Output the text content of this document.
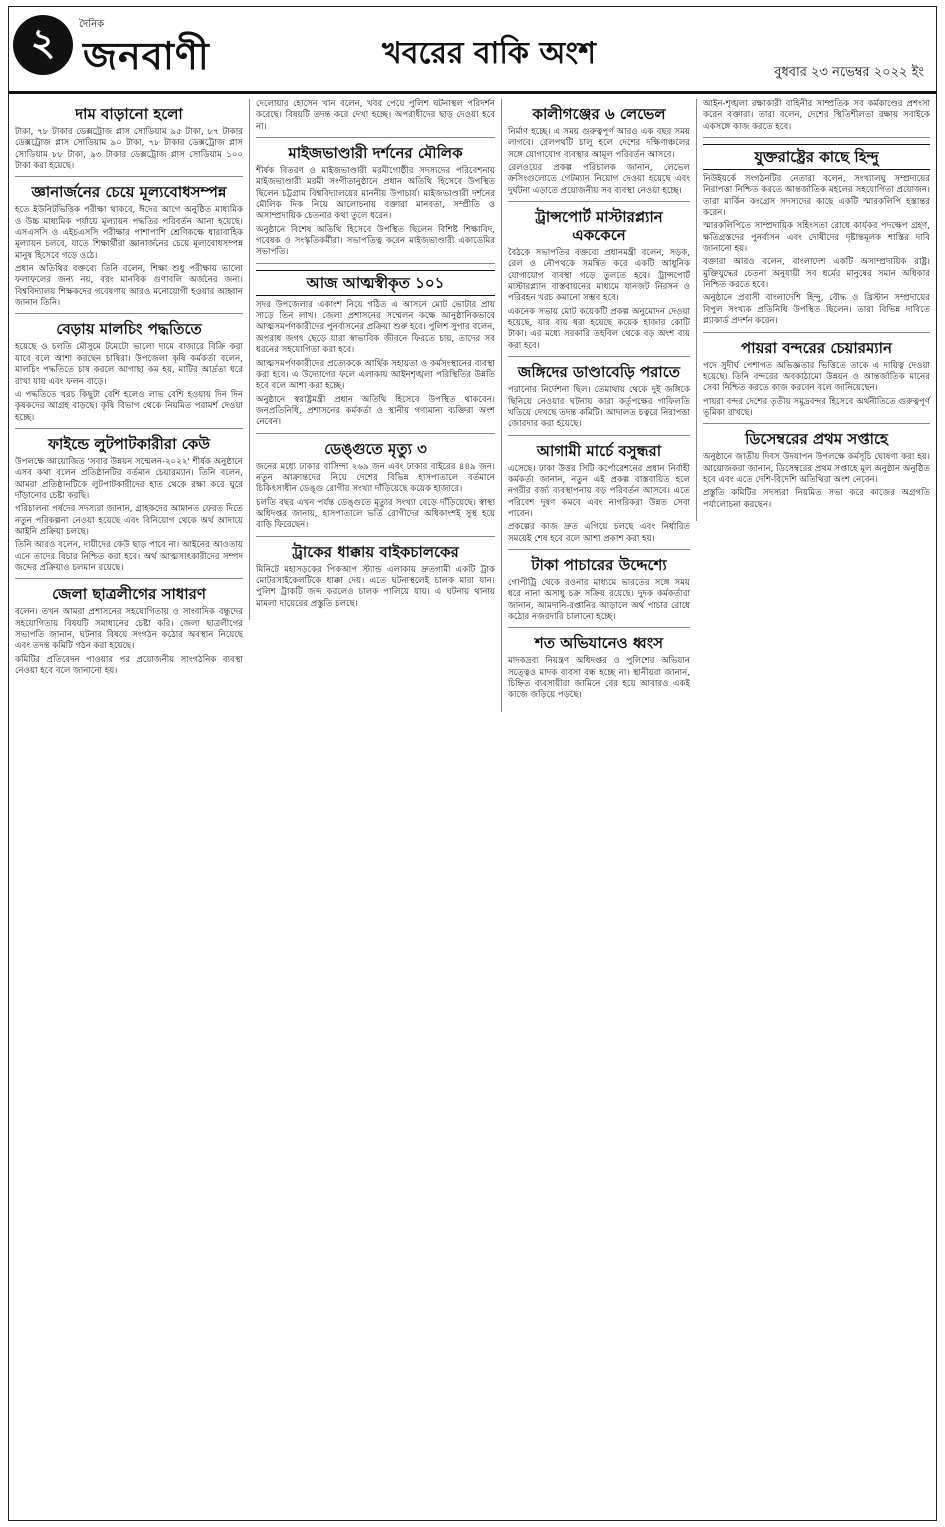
২	দৈনিক
জনবাণী	খবরের বাকি অংশ
বুধবার ২৩ নভেম্বর ২০২২ ইং
দাম বাড়ানো হলো

টাকা, ৭৮ টাকার ডেক্সট্রোজ প্লাস সোডিয়াম ৯৫ টাকা, ৮৭ টাকার ডেক্সট্রোজ প্লাস সোডিয়াম ৯০ টাকা, ৭৮ টাকার ডেক্সট্রোজ প্লাস সোডিয়াম ৮৮ টাকা, ৯৩ টাকার ডেক্সট্রোজ প্লাস সোডিয়াম ১০০ টাকা করা হয়েছে।

জ্ঞানার্জনের চেয়ে মূল্যবোধসম্পন্ন

হতে ইউনিটভিত্তিক পরীক্ষা থাকবে, ঈদের আগে অনুষ্ঠিত মাধ্যমিক ও উচ্চ মাধ্যমিক পর্যায়ে মূল্যায়ন পদ্ধতির পরিবর্তন আনা হয়েছে। এসএসসি ও এইচএসসি পরীক্ষার পাশাপাশি শ্রেণিকক্ষে ধারাবাহিক মূল্যায়ন চলবে, যাতে শিক্ষার্থীরা জ্ঞানার্জনের চেয়ে মূল্যবোধসম্পন্ন মানুষ হিসেবে গড়ে ওঠে।

প্রধান অতিথির বক্তব্যে তিনি বলেন, শিক্ষা শুধু পরীক্ষায় ভালো ফলাফলের জন্য নয়, বরং মানবিক গুণাবলি অর্জনের জন্য। বিশ্ববিদ্যালয় শিক্ষকদের গবেষণায় আরও মনোযোগী হওয়ার আহ্বান জানান তিনি।

বেড়ায় মালচিং পদ্ধতিতে

হয়েছে ও চলতি মৌসুমে টমেটো ভালো দামে বাজারে বিক্রি করা যাবে বলে আশা করছেন চাষিরা। উপজেলা কৃষি কর্মকর্তা বলেন, মালচিং পদ্ধতিতে চাষ করলে আগাছা কম হয়, মাটির আর্দ্রতা ধরে রাখা যায় এবং ফলন বাড়ে।

এ পদ্ধতিতে খরচ কিছুটা বেশি হলেও লাভ বেশি হওয়ায় দিন দিন কৃষকদের আগ্রহ বাড়ছে। কৃষি বিভাগ থেকে নিয়মিত পরামর্শ দেওয়া হচ্ছে।

ফাইন্ডে লুটপাটকারীরা কেউ

উপলক্ষে আয়োজিত 'সবার উন্নয়ন সম্মেলন-২০২২' শীর্ষক অনুষ্ঠানে এসব কথা বলেন প্রতিষ্ঠানটির বর্তমান চেয়ারম্যান। তিনি বলেন, আমরা প্রতিষ্ঠানটিকে লুটপাটকারীদের হাত থেকে রক্ষা করে ঘুরে দাঁড়ানোর চেষ্টা করছি।

পরিচালনা পর্ষদের সদস্যরা জানান, গ্রাহকদের আমানত ফেরত দিতে নতুন পরিকল্পনা নেওয়া হয়েছে এবং বিনিয়োগ থেকে অর্থ আদায়ে আইনি প্রক্রিয়া চলছে।

তিনি আরও বলেন, দায়ীদের কেউ ছাড় পাবে না। আইনের আওতায় এনে তাদের বিচার নিশ্চিত করা হবে। অর্থ আত্মসাৎকারীদের সম্পদ জব্দের প্রক্রিয়াও চলমান রয়েছে।

জেলা ছাত্রলীগের সাধারণ

বলেন। তখন আমরা প্রশাসনের সহযোগিতায় ও সাংবাদিক বন্ধুদের সহযোগিতায় বিষয়টি সমাধানের চেষ্টা করি। জেলা ছাত্রলীগের সভাপতি জানান, ঘটনার বিষয়ে সংগঠন কঠোর অবস্থান নিয়েছে এবং তদন্ত কমিটি গঠন করা হয়েছে।

কমিটির প্রতিবেদন পাওয়ার পর প্রয়োজনীয় সাংগঠনিক ব্যবস্থা নেওয়া হবে বলে জানানো হয়।

দেলোয়ার হোসেন খান বলেন, খবর পেয়ে পুলিশ ঘটনাস্থল পরিদর্শন করেছে। বিষয়টি তদন্ত করে দেখা হচ্ছে। অপরাধীদের ছাড় দেওয়া হবে না।

মাইজভাণ্ডারী দর্শনের মৌলিক

শীর্ষক বিতরণ ও মাইজভাণ্ডারী মরমীগোষ্ঠীর সদস্যদের পরিবেশনায় মাইজভাণ্ডারী মরমী সংগীতানুষ্ঠানে প্রধান অতিথি হিসেবে উপস্থিত ছিলেন চট্টগ্রাম বিশ্ববিদ্যালয়ের মাননীয় উপাচার্য। মাইজভাণ্ডারী দর্শনের মৌলিক দিক নিয়ে আলোচনায় বক্তারা মানবতা, সম্প্রীতি ও অসাম্প্রদায়িক চেতনার কথা তুলে ধরেন।

অনুষ্ঠানে বিশেষ অতিথি হিসেবে উপস্থিত ছিলেন বিশিষ্ট শিক্ষাবিদ, গবেষক ও সংস্কৃতিকর্মীরা। সভাপতিত্ব করেন মাইজভাণ্ডারী একাডেমির সভাপতি।

আজ আত্মস্বীকৃত ১০১

সদর উপজেলার একাংশ নিয়ে গঠিত এ আসনে মোট ভোটার প্রায় সাড়ে তিন লাখ। জেলা প্রশাসনের সম্মেলন কক্ষে আনুষ্ঠানিকভাবে আত্মসমর্পণকারীদের পুনর্বাসনের প্রক্রিয়া শুরু হবে। পুলিশ সুপার বলেন, অপরাধ জগৎ ছেড়ে যারা স্বাভাবিক জীবনে ফিরতে চায়, তাদের সব ধরনের সহযোগিতা করা হবে।

আত্মসমর্পণকারীদের প্রত্যেককে আর্থিক সহায়তা ও কর্মসংস্থানের ব্যবস্থা করা হবে। এ উদ্যোগের ফলে এলাকায় আইনশৃঙ্খলা পরিস্থিতির উন্নতি হবে বলে আশা করা হচ্ছে।

অনুষ্ঠানে স্বরাষ্ট্রমন্ত্রী প্রধান অতিথি হিসেবে উপস্থিত থাকবেন। জনপ্রতিনিধি, প্রশাসনের কর্মকর্তা ও স্থানীয় গণ্যমান্য ব্যক্তিরা অংশ নেবেন।

ডেঙ্গুতে মৃত্যু ৩

জনের মধ্যে ঢাকার বাসিন্দা ২৬৯ জন এবং ঢাকার বাইরের ৪৪৯ জন। নতুন আক্রান্তদের নিয়ে দেশের বিভিন্ন হাসপাতালে বর্তমানে চিকিৎসাধীন ডেঙ্গু রোগীর সংখ্যা দাঁড়িয়েছে কয়েক হাজারে।

চলতি বছর এখন পর্যন্ত ডেঙ্গুতে মৃত্যুর সংখ্যা বেড়ে দাঁড়িয়েছে। স্বাস্থ্য অধিদপ্তর জানায়, হাসপাতালে ভর্তি রোগীদের অধিকাংশই সুস্থ হয়ে বাড়ি ফিরেছেন।

ট্রাকের ধাক্কায় বাইকচালকের

মিনিটে মহাসড়কের পিকআপ স্ট্যান্ড এলাকায় দ্রুতগামী একটি ট্রাক মোটরসাইকেলটিকে ধাক্কা দেয়। এতে ঘটনাস্থলেই চালক মারা যান। পুলিশ ট্রাকটি জব্দ করলেও চালক পালিয়ে যায়। এ ঘটনায় থানায় মামলা দায়েরের প্রস্তুতি চলছে।

কালীগঞ্জের ৬ লেভেল

নির্মাণ হচ্ছে। এ সময় গুরুত্বপূর্ণ আরও এক বছর সময় লাগবে। রেলপথটি চালু হলে দেশের দক্ষিণাঞ্চলের সঙ্গে যোগাযোগ ব্যবস্থার আমূল পরিবর্তন আসবে।

রেলওয়ের প্রকল্প পরিচালক জানান, লেভেল ক্রসিংগুলোতে গেটম্যান নিয়োগ দেওয়া হয়েছে এবং দুর্ঘটনা এড়াতে প্রয়োজনীয় সব ব্যবস্থা নেওয়া হচ্ছে।

ট্রান্সপোর্ট মাস্টারপ্ল্যান এককেনে

বৈঠকে সভাপতির বক্তব্যে প্রধানমন্ত্রী বলেন, সড়ক, রেল ও নৌপথকে সমন্বিত করে একটি আধুনিক যোগাযোগ ব্যবস্থা গড়ে তুলতে হবে। ট্রান্সপোর্ট মাস্টারপ্ল্যান বাস্তবায়নের মাধ্যমে যানজট নিরসন ও পরিবহন খরচ কমানো সম্ভব হবে।

একনেক সভায় মোট কয়েকটি প্রকল্প অনুমোদন দেওয়া হয়েছে, যার ব্যয় ধরা হয়েছে কয়েক হাজার কোটি টাকা। এর মধ্যে সরকারি তহবিল থেকে বড় অংশ ব্যয় করা হবে।

জঙ্গিদের ডাণ্ডাবেড়ি পরাতে

পরানোর নির্দেশনা ছিল। তেমাথায় থেকে দুই জঙ্গিকে ছিনিয়ে নেওয়ার ঘটনায় কারা কর্তৃপক্ষের গাফিলতি খতিয়ে দেখছে তদন্ত কমিটি। আদালত চত্বরে নিরাপত্তা জোরদার করা হয়েছে।

আগামী মার্চে বসুন্ধরা

এসেছে। ঢাকা উত্তর সিটি কর্পোরেশনের প্রধান নির্বাহী কর্মকর্তা জানান, নতুন এই প্রকল্প বাস্তবায়িত হলে নগরীর বর্জ্য ব্যবস্থাপনায় বড় পরিবর্তন আসবে। এতে পরিবেশ দূষণ কমবে এবং নাগরিকরা উন্নত সেবা পাবেন।

প্রকল্পের কাজ দ্রুত এগিয়ে চলছে এবং নির্ধারিত সময়েই শেষ হবে বলে আশা প্রকাশ করা হয়।

টাকা পাচারের উদ্দেশ্যে

গোপীট্রি থেকে রওনার মাধ্যমে ভারতের সঙ্গে সময় ধরে নানা অসাধু চক্র সক্রিয় রয়েছে। দুদক কর্মকর্তারা জানান, আমদানি-রপ্তানির আড়ালে অর্থ পাচার রোধে কঠোর নজরদারি চালানো হচ্ছে।

শত অভিযানেও ধ্বংস

মাদকদ্রব্য নিয়ন্ত্রণ অধিদপ্তর ও পুলিশের অভিযান সত্ত্বেও মাদক ব্যবসা বন্ধ হচ্ছে না। স্থানীয়রা জানান, চিহ্নিত ব্যবসায়ীরা জামিনে বের হয়ে আবারও একই কাজে জড়িয়ে পড়ছে।

আইন-শৃঙ্খলা রক্ষাকারী বাহিনীর সাম্প্রতিক সব কর্মকাণ্ডের প্রশংসা করেন বক্তারা। তারা বলেন, দেশের স্থিতিশীলতা রক্ষায় সবাইকে একসঙ্গে কাজ করতে হবে।

যুক্তরাষ্ট্রের কাছে হিন্দু

নিউইয়র্কে সংগঠনটির নেতারা বলেন, সংখ্যালঘু সম্প্রদায়ের নিরাপত্তা নিশ্চিত করতে আন্তর্জাতিক মহলের সহযোগিতা প্রয়োজন। তারা মার্কিন কংগ্রেস সদস্যদের কাছে একটি স্মারকলিপি হস্তান্তর করেন।

স্মারকলিপিতে সাম্প্রদায়িক সহিংসতা রোধে কার্যকর পদক্ষেপ গ্রহণ, ক্ষতিগ্রস্তদের পুনর্বাসন এবং দোষীদের দৃষ্টান্তমূলক শাস্তির দাবি জানানো হয়।

বক্তারা আরও বলেন, বাংলাদেশ একটি অসাম্প্রদায়িক রাষ্ট্র। মুক্তিযুদ্ধের চেতনা অনুযায়ী সব ধর্মের মানুষের সমান অধিকার নিশ্চিত করতে হবে।

অনুষ্ঠানে প্রবাসী বাংলাদেশি হিন্দু, বৌদ্ধ ও খ্রিস্টান সম্প্রদায়ের বিপুল সংখ্যক প্রতিনিধি উপস্থিত ছিলেন। তারা বিভিন্ন দাবিতে প্ল্যাকার্ড প্রদর্শন করেন।

পায়রা বন্দরের চেয়ারম্যান

পদে সুদীর্ঘ পেশাগত অভিজ্ঞতার ভিত্তিতে তাকে এ দায়িত্ব দেওয়া হয়েছে। তিনি বন্দরের অবকাঠামো উন্নয়ন ও আন্তর্জাতিক মানের সেবা নিশ্চিত করতে কাজ করবেন বলে জানিয়েছেন।

পায়রা বন্দর দেশের তৃতীয় সমুদ্রবন্দর হিসেবে অর্থনীতিতে গুরুত্বপূর্ণ ভূমিকা রাখছে।

ডিসেম্বরের প্রথম সপ্তাহে

অনুষ্ঠানে জাতীয় দিবস উদযাপন উপলক্ষে কর্মসূচি ঘোষণা করা হয়। আয়োজকরা জানান, ডিসেম্বরের প্রথম সপ্তাহে মূল অনুষ্ঠান অনুষ্ঠিত হবে এবং এতে দেশি-বিদেশি অতিথিরা অংশ নেবেন।

প্রস্তুতি কমিটির সদস্যরা নিয়মিত সভা করে কাজের অগ্রগতি পর্যালোচনা করছেন।
